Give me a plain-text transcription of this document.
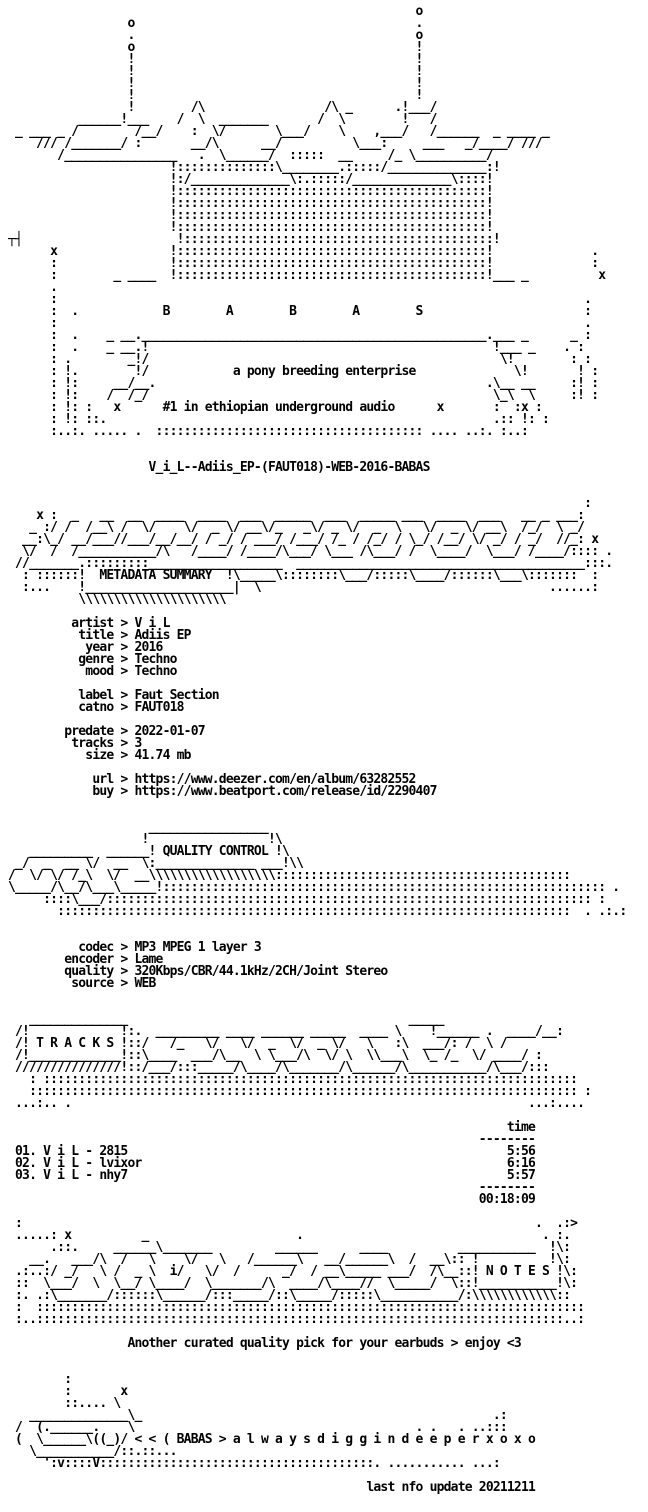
o
o                                        .
.                                        o
o                                        !
!                                        !
!                                        !
!                                        !
!                                        !
!        /\                 /\ _      .!___/
______!___    /  \  _______       /  \        !   /
_ ___ _ /        /__/    :  \/       \___/    \    ,___/   /______  _ ____ _
/// /_______/ :       __/\      __/          \___:     ___   _/____/ ///
/________________   .  \______/  :::::  __     /_ \__________/
!::::::::::::::\________.:::::/______________:!
!:/______________\:.:::::/______________\::::!
!::::::::::::::::::::::::::::::::::::::::::::!
!::::::::::::::::::::::::::::::::::::::::::::!
!::::::::::::::::::::::::::::::::::::::::::::!
!::::::::::::::::::::::::::::::::::::::::::::!
┬┤                      !::::::::::::::::::::::::::::::::::::::::::::!
x                !::::::::::::::::::::::::::::::::::::::::::::!              .
:                !::::::::::::::::::::::::::::::::::::::::::::!              :
:        _ ____  !::::::::::::::::::::::::::::::::::::::::::::!___ _          x
.
:                                                                           .
:  .            B        A        B        A        S                       :
:                                                                           .
:  .    _ __._________________________________________________.___ _      _ :
:  .    _ __.!                                                 !___ _    . :
: .        _!/                                                  \!        : :
: !.        !/            a pony breeding enterprise              \!       ! :
: !:     __/__.                                               .\__ __     :! :
: !:    /  /_/                                                 \_\  \     :! :
: !: :   x      #1 in ethiopian underground audio      x       :  :x :
: !: ::.                                                       .:: !: :
:..:. ..... .  :::::::::::::::::::::::::::::::::::::: .... ..:. :..:
V_i_L--Adiis_EP-(FAUT018)-WEB-2016-BABAS
:
x :  _   __  __  ____  ____  ___  _____  ___  _____ ___  ____  ___   __ _ ___:
_ :/ /  /__\ /  \/    \/  _ \/ __\/_   _\/ _ \/  _  \   \/  _ \/ __\  /_/  \ _/
__:\_/ __/___//___/__/__/ / _/ / ___/ /___/ /_ / /_/ / \_/ /__/ \/ _/ / _/  //_: x
\/  /  /___________/\   /____/ /____/\___/ \___ /\___/ /  \____/  \___/ /____/:::: .
//_______.:::::::::___________________  _________________________________________:::.
: ::::::!  METADATA SUMMARY  !\_____\::::::::\___/:::::\____/::::::\___\:::::::  :
:...    !_____________________|  \                                         ......:
\\\\\\\\\\\\\\\\\\\\\
artist > V i L
title > Adiis EP
year > 2016
genre > Techno
mood > Techno
label > Faut Section
catno > FAUT018
predate > 2022-01-07
tracks > 3
size > 41.74 mb
url > https://www.deezer.com/en/album/63282552
buy > https://www.beatport.com/release/id/2290407
_________________
!                 !\
_________  ______! QUALITY CONTROL !\
_/  _  __ \/  __  \:______________ ___!\\
/  \/ \/ /_\  \/  __\\\\\\\\\\\\\\\\\\::::::::::::::::::::::::::::::::::::::::::
\_____/\__/\___\_____!::::::::::::::::::::::::::::::::::::::::::::::::::::::::::::::: .
::::\___/::::::::::::::::::::::::::::::::::::::::::::::::::::::::::::::::::::: :
:::::::::::::::::::::::::::::::::::::::::::::::::::::::::::::::::::::::::  . .:.:
codec > MP3 MPEG 1 layer 3
encoder > Lame
quality > 320Kbps/CBR/44.1kHz/2CH/Joint Stereo
source > WEB
______________                                        _____
/!             !:.  _________ ____ ______ _____  ____ \    !______ .  ____/__:
/! T R A C K S !::/   /_   \/   \/  _  \/  _ \/   \   :\  ___/: /  \ /
/!_____________!::\____  ___/\__  \ \___/\  \/ \  \\___\  \_ /_  \/ ____/ :
///////////////!::/___/:::_____/\____/\_______/\______/\___________/\___/:::
: ::::::::::::::::::::::::::::::::::::::::::::::::::::::::::::::::::::::::::::
:::::::::::::::::::::::::::::::::::::::::::::::::::::::::::::::::::::::::::::: :
...:.. .                                                                 ...:....
time
--------
01. V i L - 2815                                                      5:56
02. V i L - lvixor                                                    6:16
03. V i L - nhy7                                                      5:57
--------
00:18:09
:                                                                         .  .:>
.....: x          _                     .                                  . :.
.::.     ______\_______         ______      ____          ___________  !\:
__.   ___/\  /   \    \/   \   /______\   __/______\  /  __\:: !          !\:
.:..:/ _/   \ /  _ \  i/   \/  /      _/  / __\_____ ___/  /\__::! N O T E S !\:
::  \___/  \  \__/ \____/  \_______/\  ____/\____//  \_____/  \::!___________!\:
:. .:\_______/::::::\______/:::_____/::\_____/:::::\___________/:\\\\\\\\\\\\::
:  ::::::::::::::::::::::::::::::::::::::::::::::::::::::::::::::::::::::::::::::
:..:::::::::::::::::::::::::::::::::::::::::::::::::::::::::::::::::::::::::::..:
Another curated quality pick for your earbuds > enjoy <3
:
:       x
::.... \
______________\_                                                  .:
/  (.______.    \                                        . .   . ..:::
(  \______\((_)/ < < ( BABAS > a l w a y s d i g g i n d e e p e r x o x o
\___________/::.::...
':v::::V:::::::::::::::::::::::::::::::::::::::. ........... ...:
last nfo update 20211211
